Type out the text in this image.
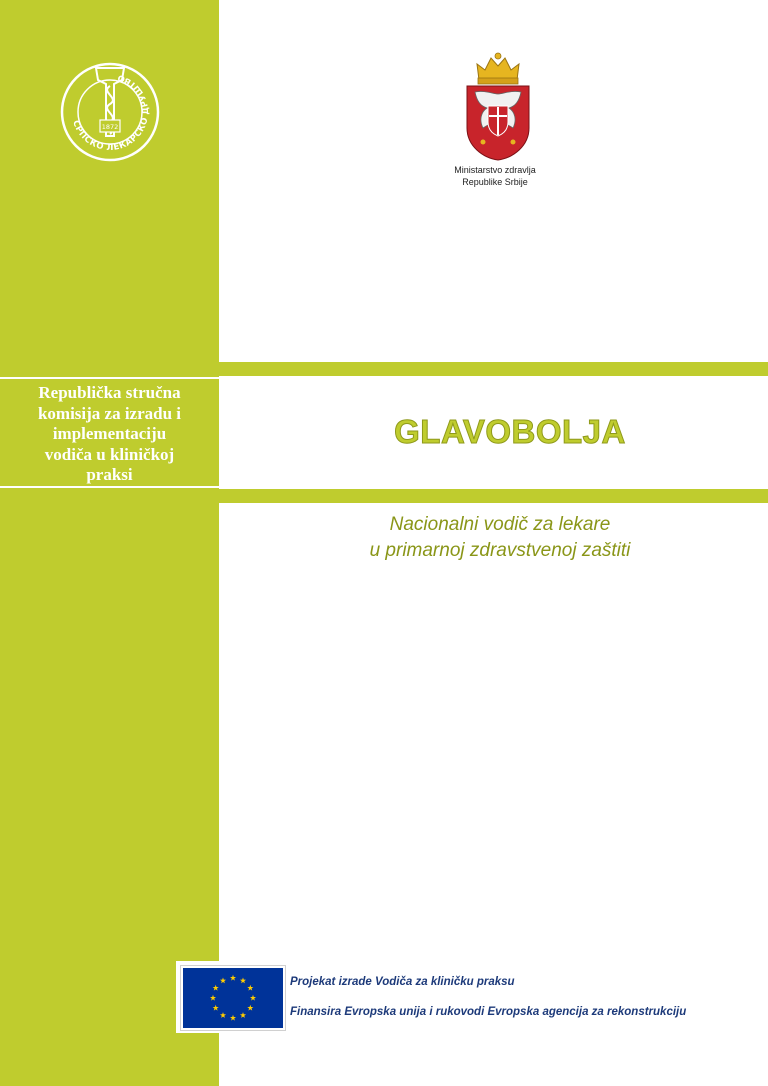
СРПСКО ЛЕКАРСКО ДРУШТВО
1872
Ministarstvo zdravlja
Republike Srbije
Republička stručna
komisija za izradu i
implementaciju
vodiča u kliničkoj
praksi
GLAVOBOLJA
Nacionalni vodič za lekare
u primarnoj zdravstvenoj zaštiti
Projekat izrade Vodiča za kliničku praksu
Finansira Evropska unija i rukovodi Evropska agencija za rekonstrukciju
